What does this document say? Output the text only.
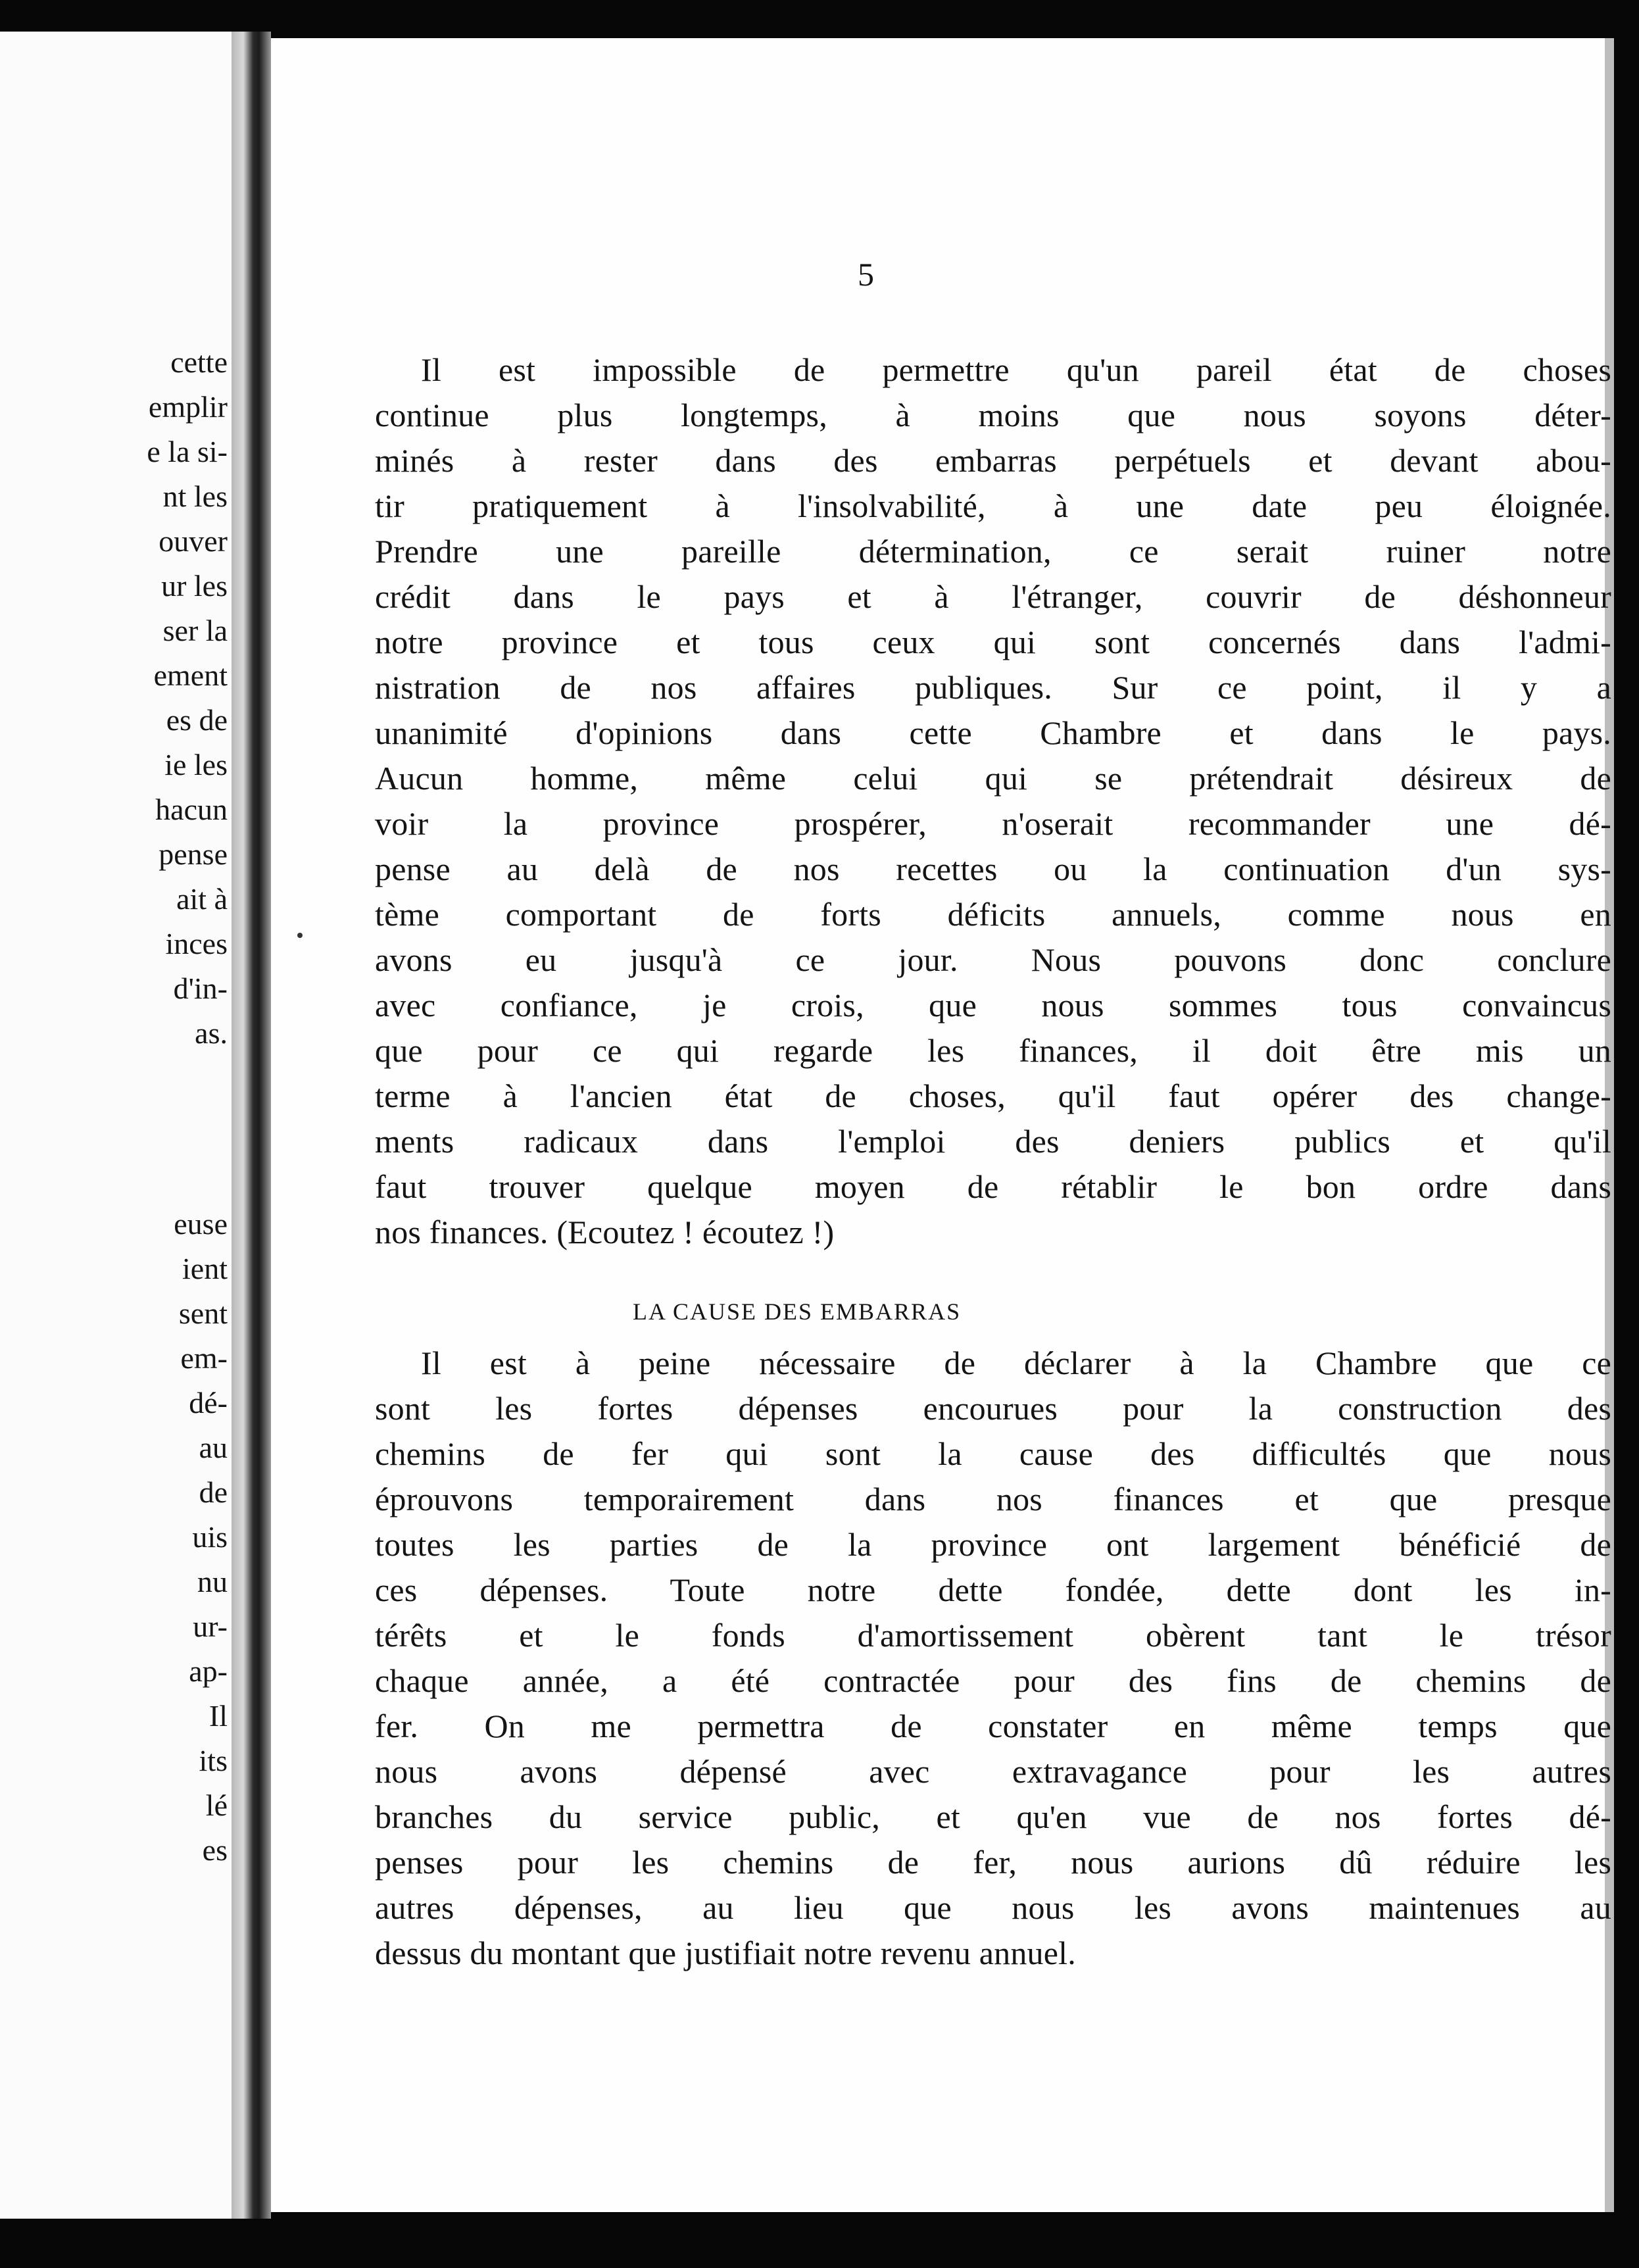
cette

emplir

e la si-

nt les

ouver

ur les

ser la

ement

es de

ie les

hacun

pense

ait à

inces

d'in-

as.

euse

ient

sent

em-

dé-

au

de

uis

nu

ur-

ap-

Il

its

lé

es

5

Il est impossible de permettre qu'un pareil état de choses
continue plus longtemps, à moins que nous soyons déter-
minés à rester dans des embarras perpétuels et devant abou-
tir pratiquement à l'insolvabilité, à une date peu éloignée.
Prendre une pareille détermination, ce serait ruiner notre
crédit dans le pays et à l'étranger, couvrir de déshonneur
notre province et tous ceux qui sont concernés dans l'admi-
nistration de nos affaires publiques. Sur ce point, il y a
unanimité d'opinions dans cette Chambre et dans le pays.
Aucun homme, même celui qui se prétendrait désireux de
voir la province prospérer, n'oserait recommander une dé-
pense au delà de nos recettes ou la continuation d'un sys-
tème comportant de forts déficits annuels, comme nous en
avons eu jusqu'à ce jour. Nous pouvons donc conclure
avec confiance, je crois, que nous sommes tous convaincus
que pour ce qui regarde les finances, il doit être mis un
terme à l'ancien état de choses, qu'il faut opérer des change-
ments radicaux dans l'emploi des deniers publics et qu'il
faut trouver quelque moyen de rétablir le bon ordre dans
nos finances. (Ecoutez ! écoutez !)

LA CAUSE DES EMBARRAS

Il est à peine nécessaire de déclarer à la Chambre que ce
sont les fortes dépenses encourues pour la construction des
chemins de fer qui sont la cause des difficultés que nous
éprouvons temporairement dans nos finances et que presque
toutes les parties de la province ont largement bénéficié de
ces dépenses. Toute notre dette fondée, dette dont les in-
térêts et le fonds d'amortissement obèrent tant le trésor
chaque année, a été contractée pour des fins de chemins de
fer. On me permettra de constater en même temps que
nous avons dépensé avec extravagance pour les autres
branches du service public, et qu'en vue de nos fortes dé-
penses pour les chemins de fer, nous aurions dû réduire les
autres dépenses, au lieu que nous les avons maintenues au
dessus du montant que justifiait notre revenu annuel.
